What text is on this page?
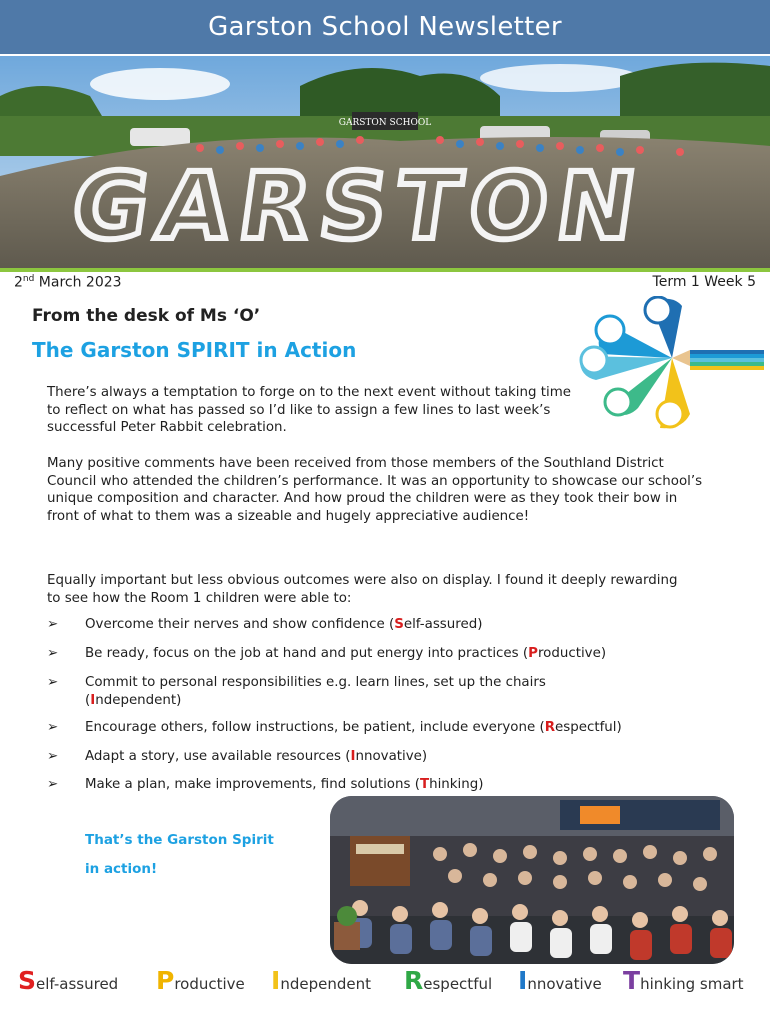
Garston School Newsletter
GARSTON SCHOOL
GARSTON
2nd March 2023	Term 1 Week 5
From the desk of Ms ‘O’
The Garston SPIRIT in Action
There’s always a temptation to forge on to the next event without taking time to reflect on what has passed so I’d like to assign a few lines to last week’s successful Peter Rabbit celebration.
Many positive comments have been received from those members of the Southland District Council who attended the children’s performance. It was an opportunity to showcase our school’s unique composition and character. And how proud the children were as they took their bow in front of what to them was a sizeable and hugely appreciative audience!
Equally important but less obvious outcomes were also on display. I found it deeply rewarding to see how the Room 1 children were able to:
➢	Overcome their nerves and show confidence (Self-assured)
➢	Be ready, focus on the job at hand and put energy into practices (Productive)
➢	Commit to personal responsibilities e.g. learn lines, set up the chairs (Independent)
➢	Encourage others, follow instructions, be patient, include everyone (Respectful)
➢	Adapt a story, use available resources (Innovative)
➢	Make a plan, make improvements, find solutions (Thinking)
That’s the Garston Spirit
in action!
Self-assured Productive Independent Respectful Innovative Thinking smart
